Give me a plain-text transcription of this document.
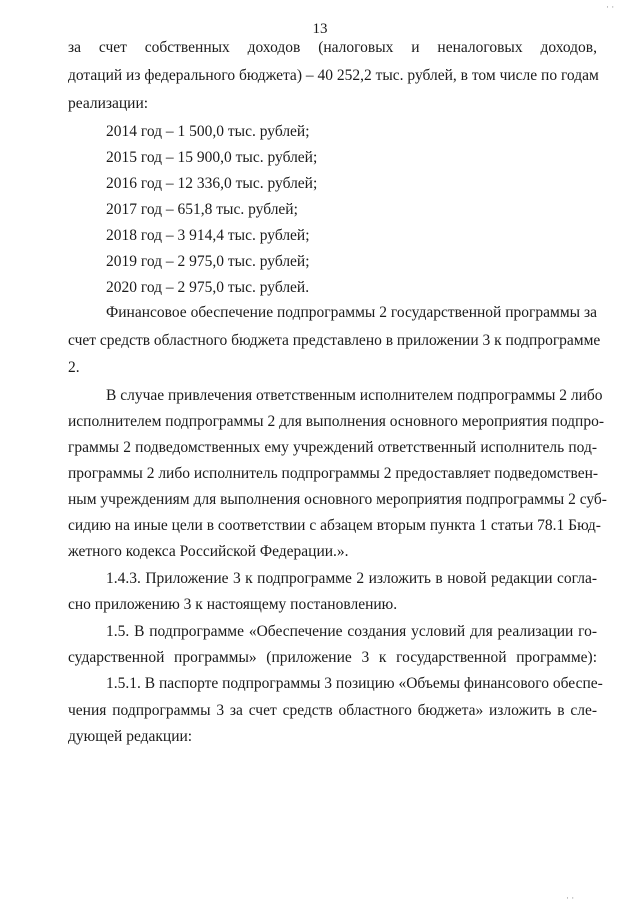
13
за счет собственных доходов (налоговых и неналоговых доходов,
дотаций из федерального бюджета) – 40 252,2 тыс. рублей, в том числе по годам
реализации:
2014 год – 1 500,0 тыс. рублей;
2015 год – 15 900,0 тыс. рублей;
2016 год – 12 336,0 тыс. рублей;
2017 год – 651,8 тыс. рублей;
2018 год – 3 914,4 тыс. рублей;
2019 год – 2 975,0 тыс. рублей;
2020 год – 2 975,0 тыс. рублей.
Финансовое обеспечение подпрограммы 2 государственной программы за
счет средств областного бюджета представлено в приложении 3 к подпрограмме
2.
В случае привлечения ответственным исполнителем подпрограммы 2 либо
исполнителем подпрограммы 2 для выполнения основного мероприятия подпро-
граммы 2 подведомственных ему учреждений ответственный исполнитель под-
программы 2 либо исполнитель подпрограммы 2 предоставляет подведомствен-
ным учреждениям для выполнения основного мероприятия подпрограммы 2 суб-
сидию на иные цели в соответствии с абзацем вторым пункта 1 статьи 78.1 Бюд-
жетного кодекса Российской Федерации.».
1.4.3. Приложение 3 к подпрограмме 2 изложить в новой редакции согла-
сно приложению 3 к настоящему постановлению.
1.5. В подпрограмме «Обеспечение создания условий для реализации го-
сударственной программы» (приложение 3 к государственной программе):
1.5.1. В паспорте подпрограммы 3 позицию «Объемы финансового обеспе-
чения подпрограммы 3 за счет средств областного бюджета» изложить в сле-
дующей редакции:
· ·
· ·
